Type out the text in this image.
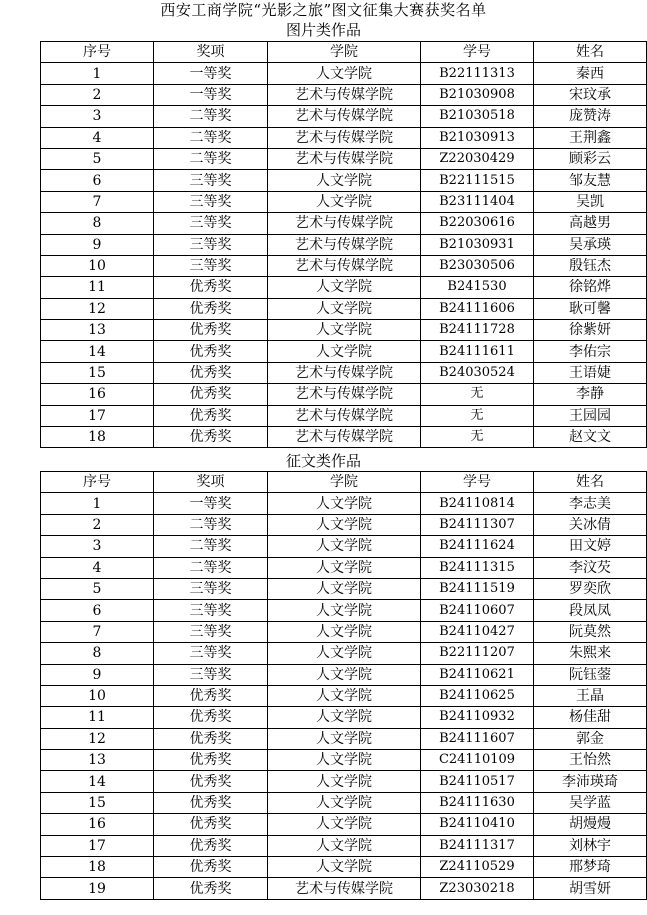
西安工商学院“光影之旅”图文征集大赛获奖名单
图片类作品
序号	奖项	学院	学号	姓名
1	一等奖	人文学院	B22111313	秦西
2	一等奖	艺术与传媒学院	B21030908	宋玟承
3	二等奖	艺术与传媒学院	B21030518	庞赞涛
4	二等奖	艺术与传媒学院	B21030913	王荆鑫
5	二等奖	艺术与传媒学院	Z22030429	顾彩云
6	三等奖	人文学院	B22111515	邹友慧
7	三等奖	人文学院	B23111404	吴凯
8	三等奖	艺术与传媒学院	B22030616	高越男
9	三等奖	艺术与传媒学院	B21030931	吴承瑛
10	三等奖	艺术与传媒学院	B23030506	殷钰杰
11	优秀奖	人文学院	B241530	徐铭烨
12	优秀奖	人文学院	B24111606	耿可馨
13	优秀奖	人文学院	B24111728	徐紫妍
14	优秀奖	人文学院	B24111611	李佑宗
15	优秀奖	艺术与传媒学院	B24030524	王语婕
16	优秀奖	艺术与传媒学院	无	李静
17	优秀奖	艺术与传媒学院	无	王园园
18	优秀奖	艺术与传媒学院	无	赵文文
征文类作品
序号	奖项	学院	学号	姓名
1	一等奖	人文学院	B24110814	李志美
2	二等奖	人文学院	B24111307	关冰倩
3	二等奖	人文学院	B24111624	田文婷
4	二等奖	人文学院	B24111315	李汶芡
5	三等奖	人文学院	B24111519	罗奕欣
6	三等奖	人文学院	B24110607	段凤凤
7	三等奖	人文学院	B24110427	阮莫然
8	三等奖	人文学院	B22111207	朱熙来
9	三等奖	人文学院	B24110621	阮钰蓥
10	优秀奖	人文学院	B24110625	王晶
11	优秀奖	人文学院	B24110932	杨佳甜
12	优秀奖	人文学院	B24111607	郭金
13	优秀奖	人文学院	C24110109	王怡然
14	优秀奖	人文学院	B24110517	李沛瑛琦
15	优秀奖	人文学院	B24111630	吴学蓝
16	优秀奖	人文学院	B24110410	胡熳熳
17	优秀奖	人文学院	B24111317	刘林宇
18	优秀奖	人文学院	Z24110529	邢梦琦
19	优秀奖	艺术与传媒学院	Z23030218	胡雪妍
